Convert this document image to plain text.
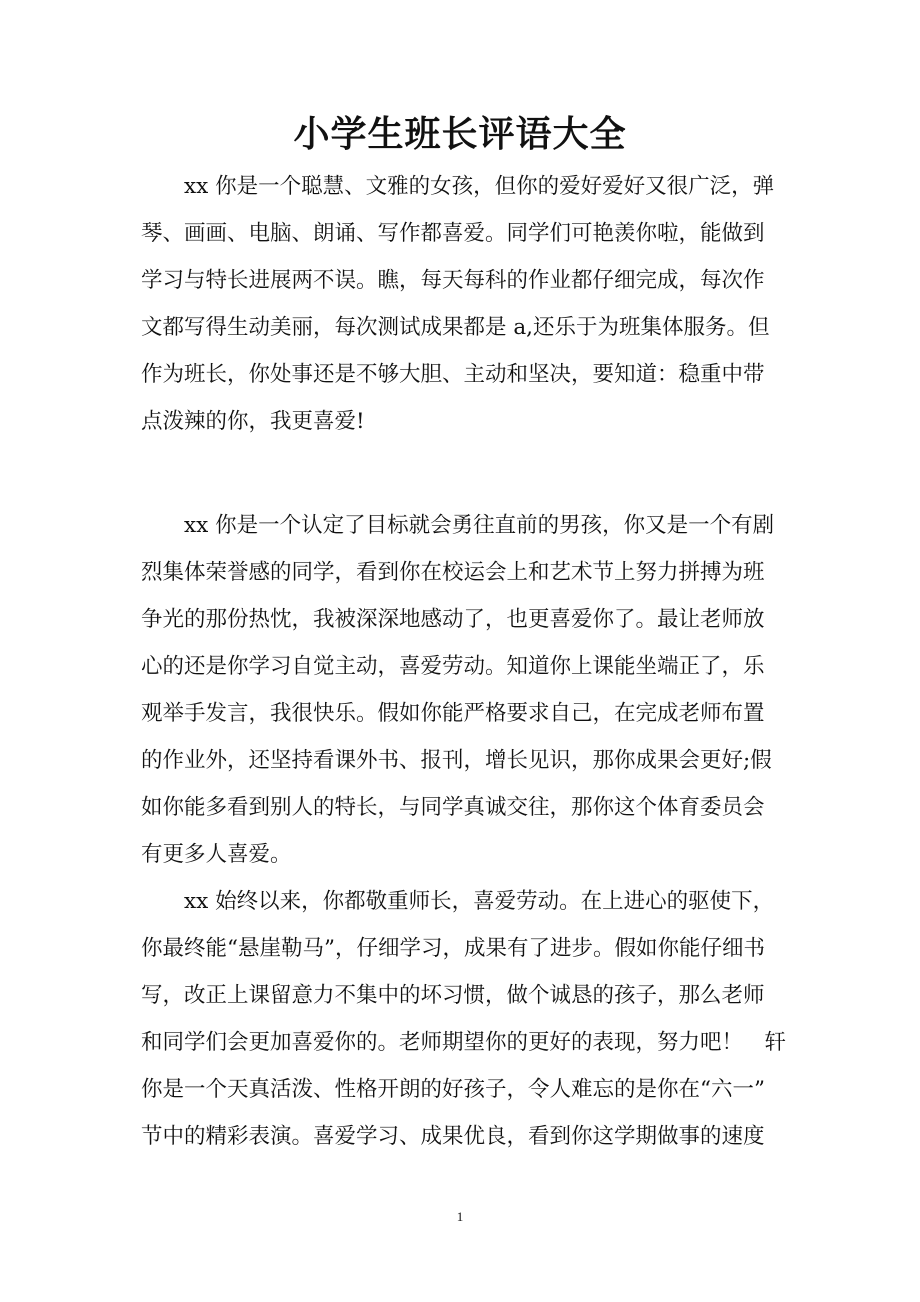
小学生班长评语大全
　　xx 你是一个聪慧、文雅的女孩，但你的爱好爱好又很广泛，弹
琴、画画、电脑、朗诵、写作都喜爱。同学们可艳羡你啦，能做到
学习与特长进展两不误。瞧，每天每科的作业都仔细完成，每次作
文都写得生动美丽，每次测试成果都是 a,还乐于为班集体服务。但
作为班长，你处事还是不够大胆、主动和坚决，要知道：稳重中带
点泼辣的你，我更喜爱!
　　xx 你是一个认定了目标就会勇往直前的男孩，你又是一个有剧
烈集体荣誉感的同学，看到你在校运会上和艺术节上努力拼搏为班
争光的那份热忱，我被深深地感动了，也更喜爱你了。最让老师放
心的还是你学习自觉主动，喜爱劳动。知道你上课能坐端正了，乐
观举手发言，我很快乐。假如你能严格要求自己，在完成老师布置
的作业外，还坚持看课外书、报刊，增长见识，那你成果会更好;假
如你能多看到别人的特长，与同学真诚交往，那你这个体育委员会
有更多人喜爱。
　　xx 始终以来，你都敬重师长，喜爱劳动。在上进心的驱使下，
你最终能“悬崖勒马”，仔细学习，成果有了进步。假如你能仔细书
写，改正上课留意力不集中的坏习惯，做个诚恳的孩子，那么老师
和同学们会更加喜爱你的。老师期望你的更好的表现，努力吧！　轩
你是一个天真活泼、性格开朗的好孩子，令人难忘的是你在“六一”
节中的精彩表演。喜爱学习、成果优良，看到你这学期做事的速度
1
